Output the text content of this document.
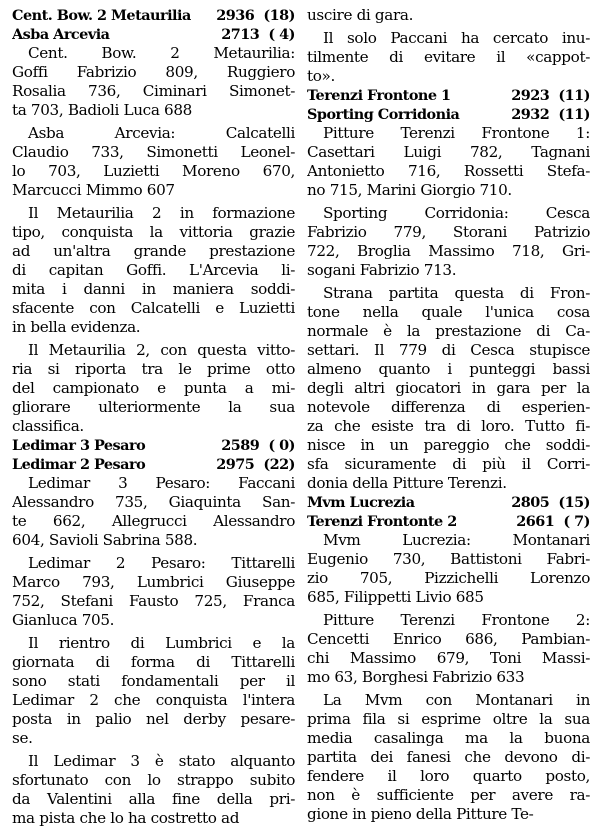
Cent. Bow. 2 Metaurilia 2936 (18)
Asba Arcevia	2713 ( 4)
Cent. Bow. 2 Metaurilia:
Goffi Fabrizio 809, Ruggiero
Rosalia 736, Ciminari Simonet-
ta 703, Badioli Luca 688
Asba Arcevia: Calcatelli
Claudio 733, Simonetti Leonel-
lo 703, Luzietti Moreno 670,
Marcucci Mimmo 607
Il Metaurilia 2 in formazione
tipo, conquista la vittoria grazie
ad un'altra grande prestazione
di capitan Goffi. L'Arcevia li-
mita i danni in maniera soddi-
sfacente con Calcatelli e Luzietti
in bella evidenza.
Il Metaurilia 2, con questa vitto-
ria si riporta tra le prime otto
del campionato e punta a mi-
gliorare ulteriormente la sua
classifica.
Ledimar 3 Pesaro	2589 ( 0)
Ledimar 2 Pesaro	2975 (22)
Ledimar 3 Pesaro: Faccani
Alessandro 735, Giaquinta San-
te 662, Allegrucci Alessandro
604, Savioli Sabrina 588.
Ledimar 2 Pesaro: Tittarelli
Marco 793, Lumbrici Giuseppe
752, Stefani Fausto 725, Franca
Gianluca 705.
Il rientro di Lumbrici e la
giornata di forma di Tittarelli
sono stati fondamentali per il
Ledimar 2 che conquista l'intera
posta in palio nel derby pesare-
se.
Il Ledimar 3 è stato alquanto
sfortunato con lo strappo subito
da Valentini alla fine della pri-
ma pista che lo ha costretto ad
uscire di gara.
Il solo Paccani ha cercato inu-
tilmente di evitare il «cappot-
to».
Terenzi Frontone 1	2923 (11)
Sporting Corridonia	2932 (11)
Pitture Terenzi Frontone 1:
Casettari Luigi 782, Tagnani
Antonietto 716, Rossetti Stefa-
no 715, Marini Giorgio 710.
Sporting Corridonia: Cesca
Fabrizio 779, Storani Patrizio
722, Broglia Massimo 718, Gri-
sogani Fabrizio 713.
Strana partita questa di Fron-
tone nella quale l'unica cosa
normale è la prestazione di Ca-
settari. Il 779 di Cesca stupisce
almeno quanto i punteggi bassi
degli altri giocatori in gara per la
notevole differenza di esperien-
za che esiste tra di loro. Tutto fi-
nisce in un pareggio che soddi-
sfa sicuramente di più il Corri-
donia della Pitture Terenzi.
Mvm Lucrezia	2805 (15)
Terenzi Frontonte 2	2661 ( 7)
Mvm Lucrezia: Montanari
Eugenio 730, Battistoni Fabri-
zio 705, Pizzichelli Lorenzo
685, Filippetti Livio 685
Pitture Terenzi Frontone 2:
Cencetti Enrico 686, Pambian-
chi Massimo 679, Toni Massi-
mo 63, Borghesi Fabrizio 633
La Mvm con Montanari in
prima fila si esprime oltre la sua
media casalinga ma la buona
partita dei fanesi che devono di-
fendere il loro quarto posto,
non è sufficiente per avere ra-
gione in pieno della Pitture Te-
